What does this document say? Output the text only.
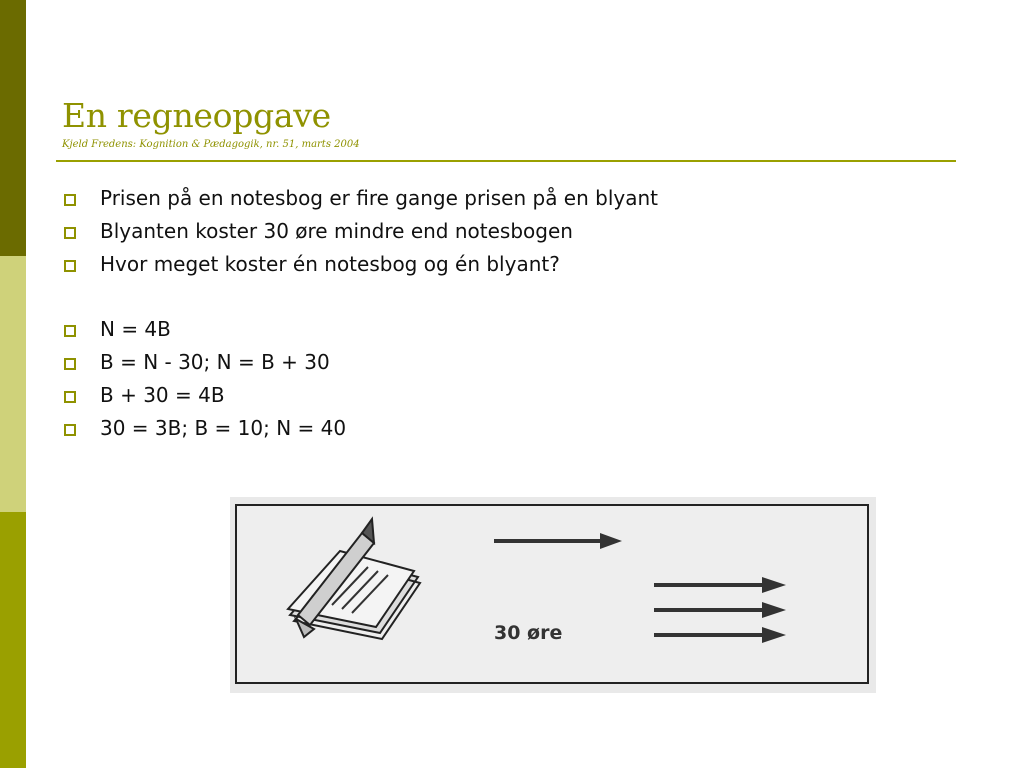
En regneopgave
Kjeld Fredens: Kognition & Pædagogik, nr. 51, marts 2004
Prisen på en notesbog er fire gange prisen på en blyant
Blyanten koster 30 øre mindre end notesbogen
Hvor meget koster én notesbog og én blyant?
N = 4B
B = N - 30; N = B + 30
B + 30 = 4B
30 = 3B; B = 10; N = 40
30 øre
